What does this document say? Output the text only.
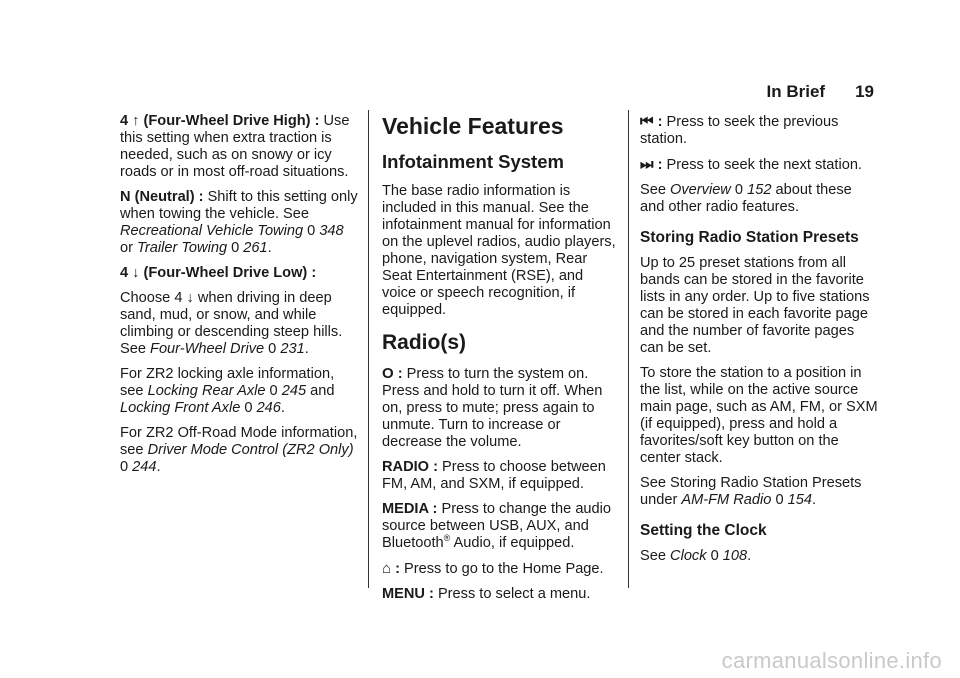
In Brief 19

4 ↑ (Four-Wheel Drive High) : Use this setting when extra traction is needed, such as on snowy or icy roads or in most off-road situations.

N (Neutral) : Shift to this setting only when towing the vehicle. See Recreational Vehicle Towing 0 348 or Trailer Towing 0 261.

4 ↓ (Four-Wheel Drive Low) :

Choose 4 ↓ when driving in deep sand, mud, or snow, and while climbing or descending steep hills. See Four-Wheel Drive 0 231.

For ZR2 locking axle information, see Locking Rear Axle 0 245 and Locking Front Axle 0 246.

For ZR2 Off-Road Mode information, see Driver Mode Control (ZR2 Only) 0 244.

Vehicle Features
Infotainment System

The base radio information is included in this manual. See the infotainment manual for information on the uplevel radios, audio players, phone, navigation system, Rear Seat Entertainment (RSE), and voice or speech recognition, if equipped.

Radio(s)

O : Press to turn the system on. Press and hold to turn it off. When on, press to mute; press again to unmute. Turn to increase or decrease the volume.

RADIO : Press to choose between FM, AM, and SXM, if equipped.

MEDIA : Press to change the audio source between USB, AUX, and Bluetooth® Audio, if equipped.

⌂ : Press to go to the Home Page.

MENU : Press to select a menu.

⏮ : Press to seek the previous station.

⏭ : Press to seek the next station.

See Overview 0 152 about these and other radio features.

Storing Radio Station Presets

Up to 25 preset stations from all bands can be stored in the favorite lists in any order. Up to five stations can be stored in each favorite page and the number of favorite pages can be set.

To store the station to a position in the list, while on the active source main page, such as AM, FM, or SXM (if equipped), press and hold a favorites/soft key button on the center stack.

See Storing Radio Station Presets under AM-FM Radio 0 154.

Setting the Clock

See Clock 0 108.

carmanualsonline.info
